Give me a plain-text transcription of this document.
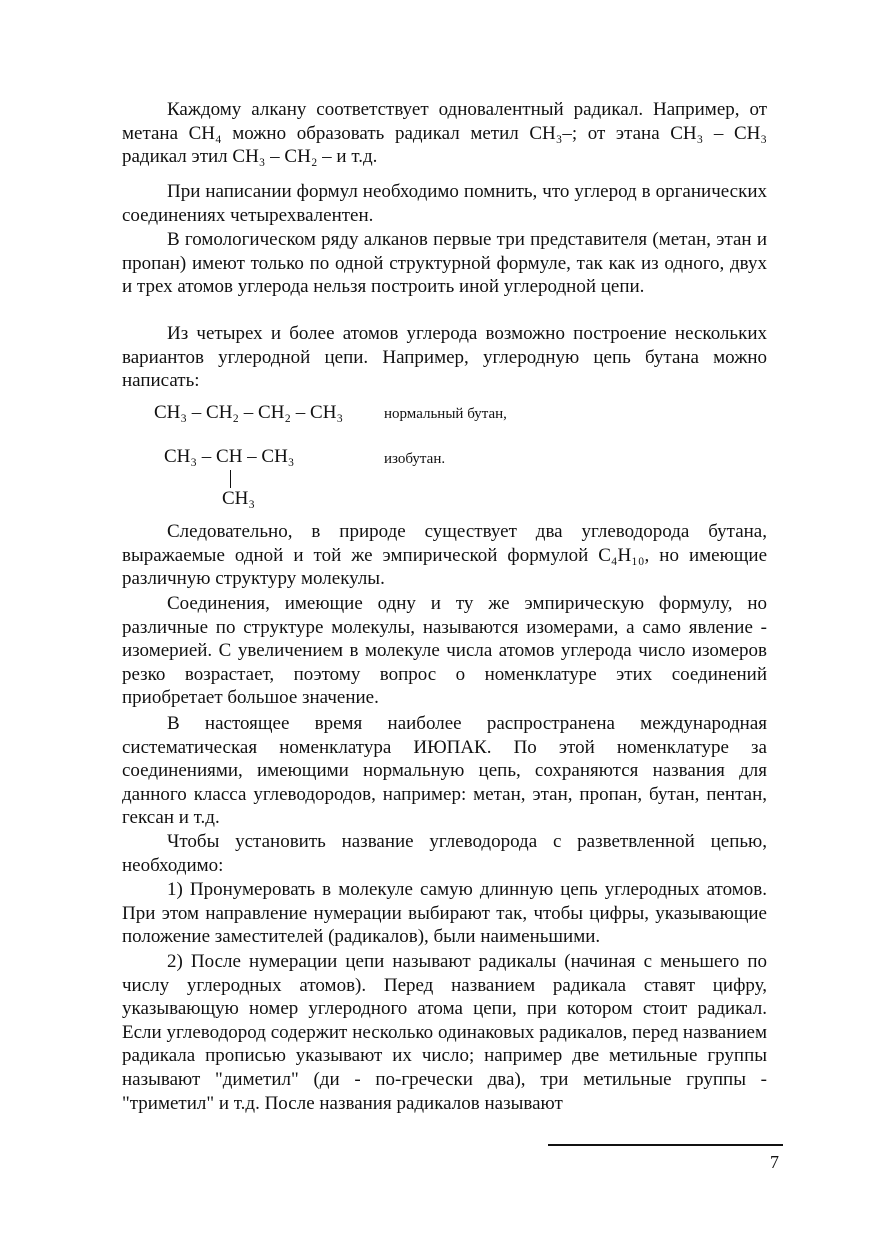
Каждому алкану соответствует одновалентный радикал. Например, от метана CH₄ можно образовать радикал метил CH₃–; от этана CH₃ – CH₃ радикал этил CH₃ – CH₂ – и т.д.

При написании формул необходимо помнить, что углерод в органических соединениях четырехвалентен.

В гомологическом ряду алканов первые три представителя (метан, этан и пропан) имеют только по одной структурной формуле, так как из одного, двух и трех атомов углерода нельзя построить иной углеродной цепи.

Из четырех и более атомов углерода возможно построение нескольких вариантов углеродной цепи. Например, углеродную цепь бутана можно написать:

CH₃ – CH₂ – CH₂ – CH₃	нормальный бутан,
CH₃ – CH – CH₃	изобутан.
CH₃

Следовательно, в природе существует два углеводорода бутана, выражаемые одной и той же эмпирической формулой C₄H₁₀, но имеющие различную структуру молекулы.

Соединения, имеющие одну и ту же эмпирическую формулу, но различные по структуре молекулы, называются изомерами, а само явление - изомерией. С увеличением в молекуле числа атомов углерода число изомеров резко возрастает, поэтому вопрос о номенклатуре этих соединений приобретает большое значение.

В настоящее время наиболее распространена международная систематическая номенклатура ИЮПАК. По этой номенклатуре за соединениями, имеющими нормальную цепь, сохраняются названия для данного класса углеводородов, например: метан, этан, пропан, бутан, пентан, гексан и т.д.

Чтобы установить название углеводорода с разветвленной цепью, необходимо:

1) Пронумеровать в молекуле самую длинную цепь углеродных атомов. При этом направление нумерации выбирают так, чтобы цифры, указывающие положение заместителей (радикалов), были наименьшими.

2) После нумерации цепи называют радикалы (начиная с меньшего по числу углеродных атомов). Перед названием радикала ставят цифру, указывающую номер углеродного атома цепи, при котором стоит радикал. Если углеводород содержит несколько одинаковых радикалов, перед названием радикала прописью указывают их число; например две метильные группы называют "диметил" (ди - по-гречески два), три метильные группы - "триметил" и т.д. После названия радикалов называют

7
